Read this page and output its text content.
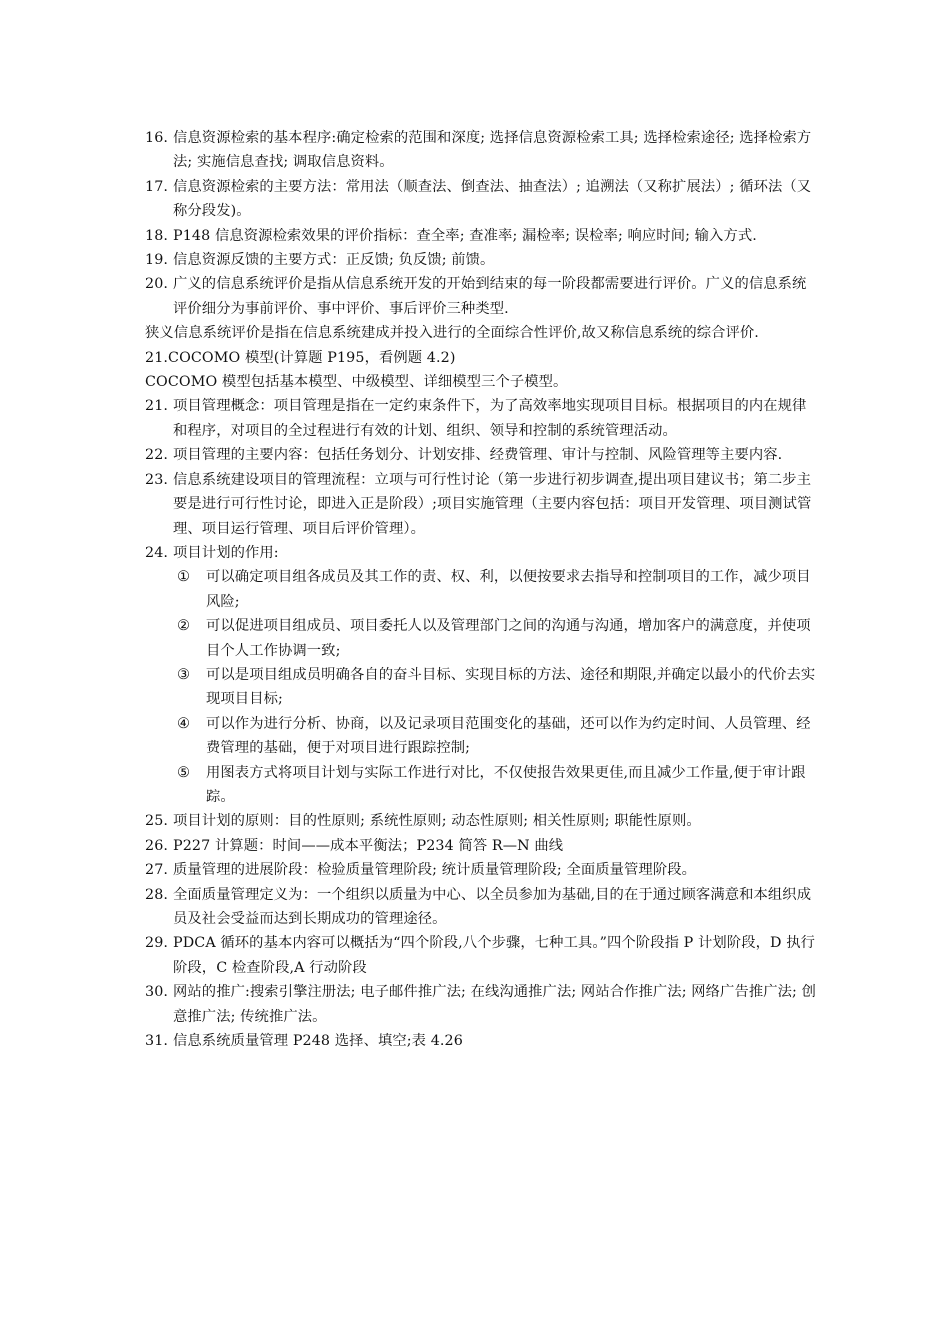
16. 信息资源检索的基本程序:确定检索的范围和深度; 选择信息资源检索工具; 选择检索途径; 选择检索方法; 实施信息查找; 调取信息资料。
17. 信息资源检索的主要方法：常用法（顺查法、倒查法、抽查法）; 追溯法（又称扩展法）; 循环法（又称分段发)。
18. P148 信息资源检索效果的评价指标：查全率; 查准率; 漏检率; 误检率; 响应时间; 输入方式.
19. 信息资源反馈的主要方式：正反馈; 负反馈; 前馈。
20. 广义的信息系统评价是指从信息系统开发的开始到结束的每一阶段都需要进行评价。广义的信息系统评价细分为事前评价、事中评价、事后评价三种类型.
狭义信息系统评价是指在信息系统建成并投入进行的全面综合性评价,故又称信息系统的综合评价.
21.COCOMO 模型(计算题 P195，看例题 4.2)
COCOMO 模型包括基本模型、中级模型、详细模型三个子模型。
21. 项目管理概念：项目管理是指在一定约束条件下，为了高效率地实现项目目标。根据项目的内在规律和程序，对项目的全过程进行有效的计划、组织、领导和控制的系统管理活动。
22. 项目管理的主要内容：包括任务划分、计划安排、经费管理、审计与控制、风险管理等主要内容.
23. 信息系统建设项目的管理流程：立项与可行性讨论（第一步进行初步调查,提出项目建议书；第二步主要是进行可行性讨论，即进入正是阶段）;项目实施管理（主要内容包括：项目开发管理、项目测试管理、项目运行管理、项目后评价管理）。
24. 项目计划的作用:
①	可以确定项目组各成员及其工作的责、权、利，以便按要求去指导和控制项目的工作，减少项目风险;
②	可以促进项目组成员、项目委托人以及管理部门之间的沟通与沟通，增加客户的满意度，并使项目个人工作协调一致;
③	可以是项目组成员明确各自的奋斗目标、实现目标的方法、途径和期限,并确定以最小的代价去实现项目目标;
④	可以作为进行分析、协商，以及记录项目范围变化的基础，还可以作为约定时间、人员管理、经费管理的基础，便于对项目进行跟踪控制;
⑤	用图表方式将项目计划与实际工作进行对比，不仅使报告效果更佳,而且减少工作量,便于审计跟踪。
25. 项目计划的原则：目的性原则; 系统性原则; 动态性原则; 相关性原则; 职能性原则。
26. P227 计算题：时间——成本平衡法；P234 简答 R—N 曲线
27. 质量管理的进展阶段：检验质量管理阶段; 统计质量管理阶段; 全面质量管理阶段。
28. 全面质量管理定义为：一个组织以质量为中心、以全员参加为基础,目的在于通过顾客满意和本组织成员及社会受益而达到长期成功的管理途径。
29. PDCA 循环的基本内容可以概括为“四个阶段,八个步骤，七种工具。”四个阶段指 P 计划阶段，D 执行阶段，C 检查阶段,A 行动阶段
30. 网站的推广:搜索引擎注册法; 电子邮件推广法; 在线沟通推广法; 网站合作推广法; 网络广告推广法; 创意推广法; 传统推广法。
31. 信息系统质量管理 P248 选择、填空;表 4.26
